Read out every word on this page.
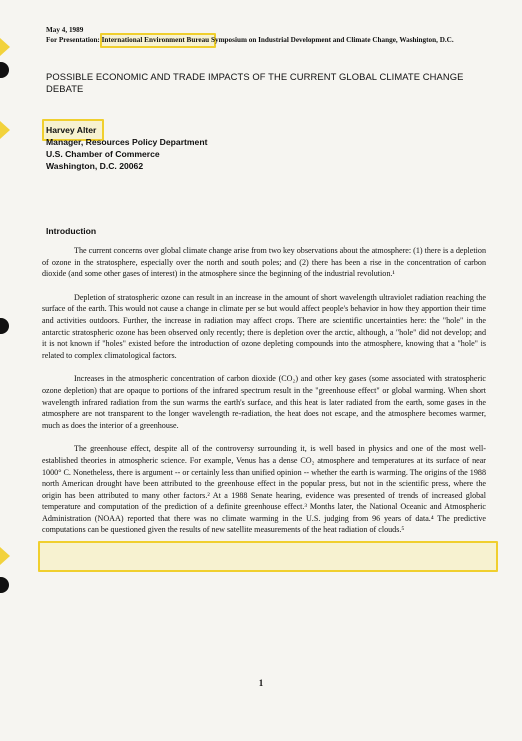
May 4, 1989
For Presentation: International Environment Bureau Symposium on Industrial Development and Climate Change, Washington, D.C.
POSSIBLE ECONOMIC AND TRADE IMPACTS OF THE CURRENT GLOBAL CLIMATE CHANGE DEBATE
Harvey Alter
Manager, Resources Policy Department
U.S. Chamber of Commerce
Washington, D.C. 20062
Introduction

The current concerns over global climate change arise from two key observations about the atmosphere: (1) there is a depletion of ozone in the stratosphere, especially over the north and south poles; and (2) there has been a rise in the concentration of carbon dioxide (and some other gases of interest) in the atmosphere since the beginning of the industrial revolution.¹

Depletion of stratospheric ozone can result in an increase in the amount of short wavelength ultraviolet radiation reaching the surface of the earth. This would not cause a change in climate per se but would affect people's behavior in how they apportion their time and activities outdoors. Further, the increase in radiation may affect crops. There are scientific uncertainties here: the "hole" in the antarctic stratospheric ozone has been observed only recently; there is depletion over the arctic, although, a "hole" did not develop; and it is not known if "holes" existed before the introduction of ozone depleting compounds into the atmosphere, knowing that a "hole" is related to complex climatological factors.

Increases in the atmospheric concentration of carbon dioxide (CO₂) and other key gases (some associated with stratospheric ozone depletion) that are opaque to portions of the infrared spectrum result in the "greenhouse effect" or global warming. When short wavelength infrared radiation from the sun warms the earth's surface, and this heat is later radiated from the earth, some gases in the atmosphere are not transparent to the longer wavelength re-radiation, the heat does not escape, and the atmosphere becomes warmer, much as does the interior of a greenhouse.

The greenhouse effect, despite all of the controversy surrounding it, is well based in physics and one of the most well-established theories in atmospheric science. For example, Venus has a dense CO₂ atmosphere and temperatures at its surface of near 1000° C. Nonetheless, there is argument -- or certainly less than unified opinion -- whether the earth is warming. The origins of the 1988 north American drought have been attributed to the greenhouse effect in the popular press, but not in the scientific press, where the origin has been attributed to many other factors.² At a 1988 Senate hearing, evidence was presented of trends of increased global temperature and computation of the prediction of a definite greenhouse effect.³ Months later, the National Oceanic and Atmospheric Administration (NOAA) reported that there was no climate warming in the U.S. judging from 96 years of data.⁴ The predictive computations can be questioned given the results of new satellite measurements of the heat radiation of clouds.⁵

1
